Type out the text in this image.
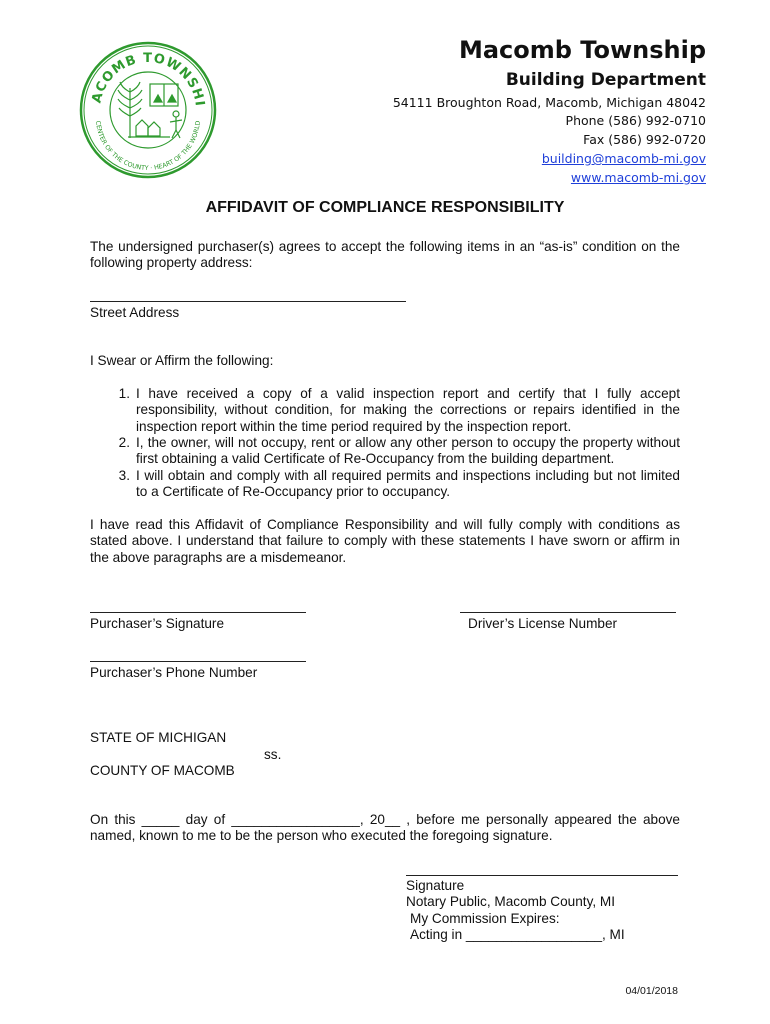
ACOMB TOWNSHI
CENTER OF THE COUNTY · HEART OF THE WORLD
Macomb Township
Building Department
54111 Broughton Road, Macomb, Michigan 48042
Phone (586) 992-0710
Fax (586) 992-0720
building@macomb-mi.gov
www.macomb-mi.gov
AFFIDAVIT OF COMPLIANCE RESPONSIBILITY
The undersigned purchaser(s) agrees to accept the following items in an “as-is” condition on the following property address:
Street Address
I Swear or Affirm the following:
1. I have received a copy of a valid inspection report and certify that I fully accept responsibility, without condition, for making the corrections or repairs identified in the inspection report within the time period required by the inspection report.
2. I, the owner, will not occupy, rent or allow any other person to occupy the property without first obtaining a valid Certificate of Re-Occupancy from the building department.
3. I will obtain and comply with all required permits and inspections including but not limited to a Certificate of Re-Occupancy prior to occupancy.
I have read this Affidavit of Compliance Responsibility and will fully comply with conditions as stated above. I understand that failure to comply with these statements I have sworn or affirm in the above paragraphs are a misdemeanor.
Purchaser’s Signature	Driver’s License Number
Purchaser’s Phone Number
STATE OF MICHIGAN
ss.
COUNTY OF MACOMB
On this _____ day of _________________, 20__ , before me personally appeared the above named, known to me to be the person who executed the foregoing signature.
Signature
Notary Public, Macomb County, MI
My Commission Expires:
Acting in __________________, MI
04/01/2018
